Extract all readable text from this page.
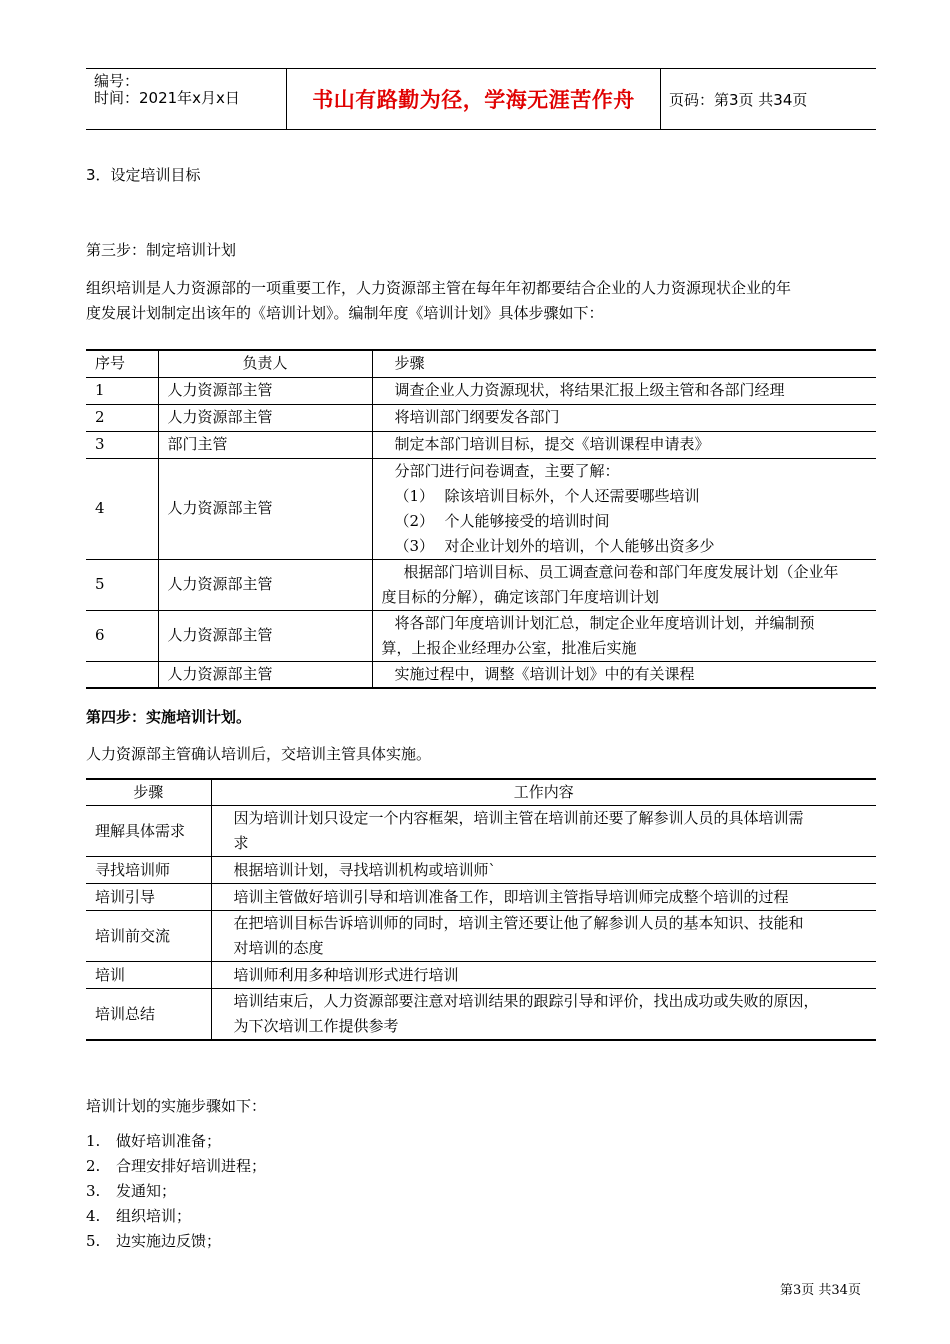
编号：
时间：2021年x月x日	书山有路勤为径，学海无涯苦作舟	页码：第3页 共34页
3．设定培训目标
第三步：制定培训计划
组织培训是人力资源部的一项重要工作，人力资源部主管在每年年初都要结合企业的人力资源现状企业的年
度发展计划制定出该年的《培训计划》。编制年度《培训计划》具体步骤如下：
序号	负责人	步骤
1	人力资源部主管	调查企业人力资源现状，将结果汇报上级主管和各部门经理
2	人力资源部主管	将培训部门纲要发各部门
3	部门主管	制定本部门培训目标，提交《培训课程申请表》
4	人力资源部主管	分部门进行问卷调查，主要了解：
（1） 除该培训目标外，个人还需要哪些培训
（2） 个人能够接受的培训时间
（3） 对企业计划外的培训，个人能够出资多少

5	人力资源部主管	根据部门培训目标、员工调查意问卷和部门年度发展计划（企业年
度目标的分解），确定该部门年度培训计划

6	人力资源部主管	将各部门年度培训计划汇总，制定企业年度培训计划，并编制预
算，上报企业经理办公室，批准后实施

	人力资源部主管	实施过程中，调整《培训计划》中的有关课程
第四步：实施培训计划。
人力资源部主管确认培训后，交培训主管具体实施。
步骤	工作内容
理解具体需求	因为培训计划只设定一个内容框架，培训主管在培训前还要了解参训人员的具体培训需
求

寻找培训师	根据培训计划，寻找培训机构或培训师`
培训引导	培训主管做好培训引导和培训准备工作，即培训主管指导培训师完成整个培训的过程
培训前交流	在把培训目标告诉培训师的同时，培训主管还要让他了解参训人员的基本知识、技能和
对培训的态度

培训	培训师利用多种培训形式进行培训
培训总结	培训结束后，人力资源部要注意对培训结果的跟踪引导和评价，找出成功或失败的原因，
为下次培训工作提供参考
培训计划的实施步骤如下：
1. 做好培训准备；
2. 合理安排好培训进程；
3. 发通知；
4. 组织培训；
5. 边实施边反馈；
第3页 共34页
